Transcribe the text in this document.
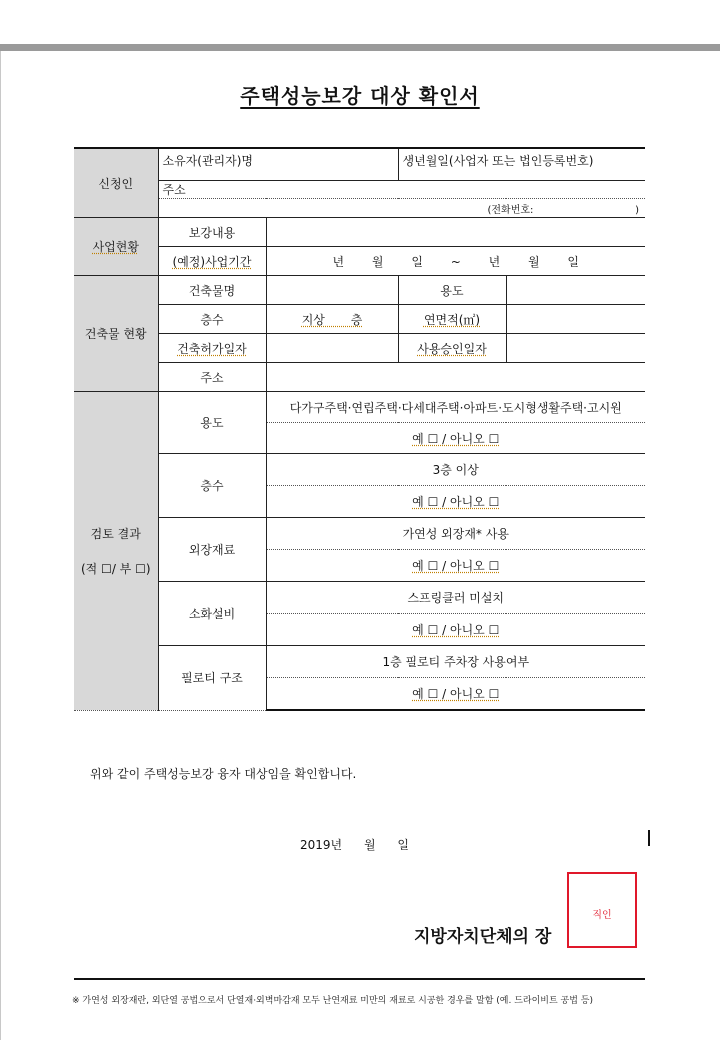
주택성능보강 대상 확인서
신청인	소유자(관리자)명		생년월일(사업자 또는 법인등록번호)	
	주소			
	(전화번호: )			
사업현황	보강내용			
	(예정)사업기간	년 월 일 ~ 년 월 일		
건축물 현황	건축물명		용도	
	층수	지상 층	연면적(㎡)	
	건축허가일자		사용승인일자	
	주소			

검토 결과
(적 ☐/ 부 ☐)	용도	다가구주택·연립주택·다세대주택·아파트·도시형생활주택·고시원		
		예 ☐ / 아니오 ☐		
	층수	3층 이상		
		예 ☐ / 아니오 ☐		
	외장재료	가연성 외장재* 사용		
		예 ☐ / 아니오 ☐		
	소화설비	스프링클러 미설치		
		예 ☐ / 아니오 ☐		
	필로티 구조	1층 필로티 주차장 사용여부		
		예 ☐ / 아니오 ☐		
위와 같이 주택성능보강 융자 대상임을 확인합니다.
2019년 월 일
지방자치단체의 장
직인
※ 가연성 외장재란, 외단열 공법으로서 단열재·외벽마감재 모두 난연재료 미만의 재료로 시공한 경우를 말함 (예. 드라이비트 공법 등)
